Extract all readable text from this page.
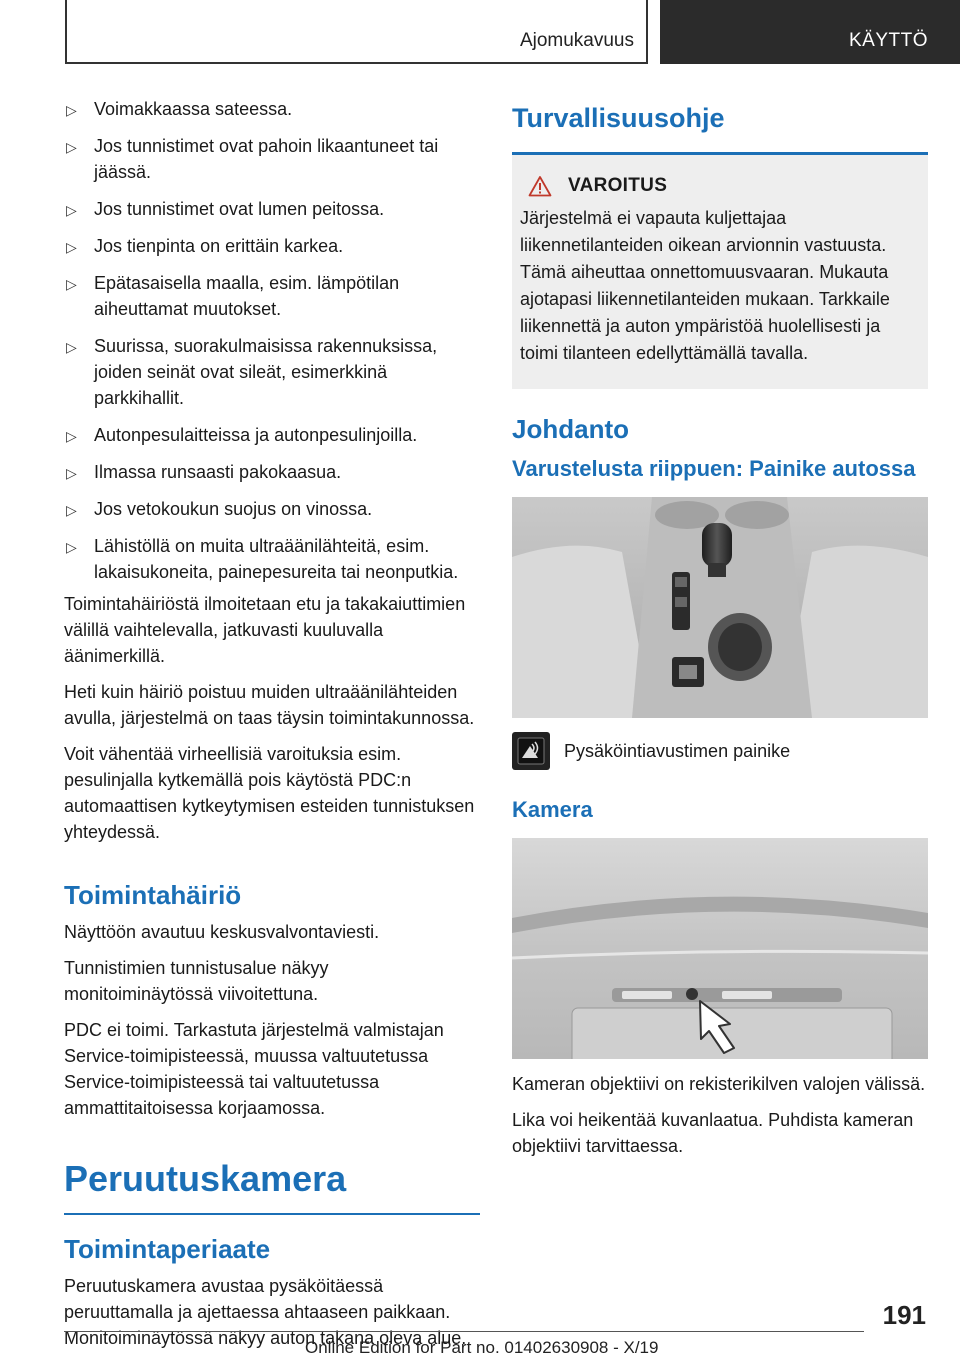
Ajomukavuus	KÄYTTÖ
▷ Voimakkaassa sateessa.
▷ Jos tunnistimet ovat pahoin likaantuneet tai jäässä.
▷ Jos tunnistimet ovat lumen peitossa.
▷ Jos tienpinta on erittäin karkea.
▷ Epätasaisella maalla, esim. lämpötilan aiheuttamat muutokset.
▷ Suurissa, suorakulmaisissa rakennuksissa, joiden seinät ovat sileät, esimerkkinä parkkihallit.
▷ Autonpesulaitteissa ja autonpesulinjoilla.
▷ Ilmassa runsaasti pakokaasua.
▷ Jos vetokoukun suojus on vinossa.
▷ Lähistöllä on muita ultraäänilähteitä, esim. lakaisukoneita, painepesureita tai neonputkia.

Toimintahäiriöstä ilmoitetaan etu ja takakaiuttimien välillä vaihtelevalla, jatkuvasti kuuluvalla äänimerkillä.

Heti kuin häiriö poistuu muiden ultraäänilähteiden avulla, järjestelmä on taas täysin toimintakunnossa.

Voit vähentää virheellisiä varoituksia esim. pesulinjalla kytkemällä pois käytöstä PDC:n automaattisen kytkeytymisen esteiden tunnistuksen yhteydessä.

Toimintahäiriö

Näyttöön avautuu keskusvalvontaviesti.

Tunnistimien tunnistusalue näkyy monitoiminäytössä viivoitettuna.

PDC ei toimi. Tarkastuta järjestelmä valmistajan Service-toimipisteessä, muussa valtuutetussa Service-toimipisteessä tai valtuutetussa ammattitaitoisessa korjaamossa.

Peruutuskamera
Toimintaperiaate

Peruutuskamera avustaa pysäköitäessä peruuttamalla ja ajettaessa ahtaaseen paikkaan. Monitoiminäytössä näkyy auton takana oleva alue.

Turvallisuusohje
VAROITUS

Järjestelmä ei vapauta kuljettajaa liikennetilanteiden oikean arvionnin vastuusta. Tämä aiheuttaa onnettomuusvaaran. Mukauta ajotapasi liikennetilanteiden mukaan. Tarkkaile liikennettä ja auton ympäristöä huolellisesti ja toimi tilanteen edellyttämällä tavalla.

Johdanto
Varustelusta riippuen: Painike autossa
Pysäköintiavustimen painike
Kamera

Kameran objektiivi on rekisterikilven valojen välissä.

Lika voi heikentää kuvanlaatua. Puhdista kameran objektiivi tarvittaessa.

191
Online Edition for Part no. 01402630908 - X/19
